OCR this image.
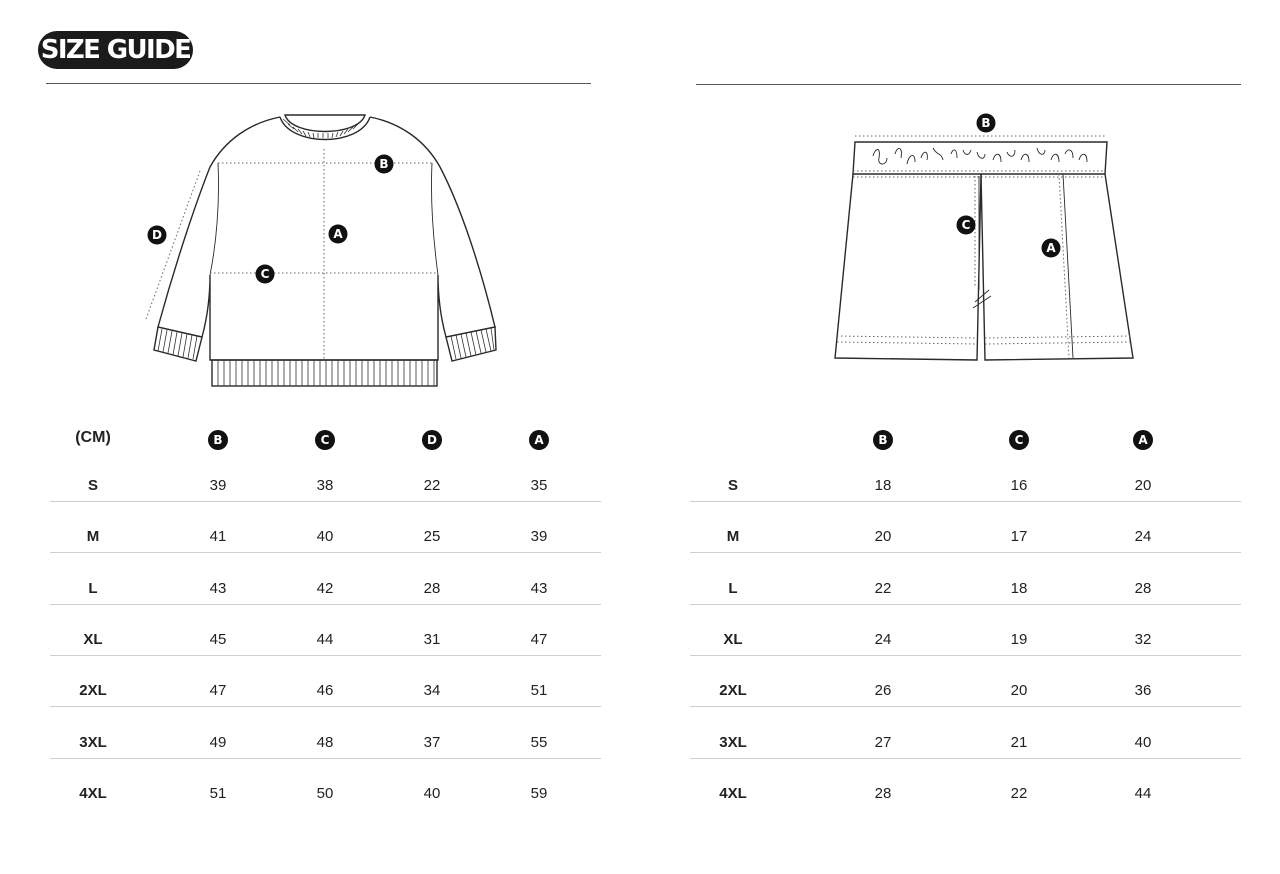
SIZE GUIDE
B
A
C
D
B
C
A
(CM)	B	C	D	A
S	39	38	22	35
M	41	40	25	39
L	43	42	28	43
XL	45	44	31	47
2XL	47	46	34	51
3XL	49	48	37	55
4XL	51	50	40	59
B	C	A
S	18	16	20
M	20	17	24
L	22	18	28
XL	24	19	32
2XL	26	20	36
3XL	27	21	40
4XL	28	22	44
